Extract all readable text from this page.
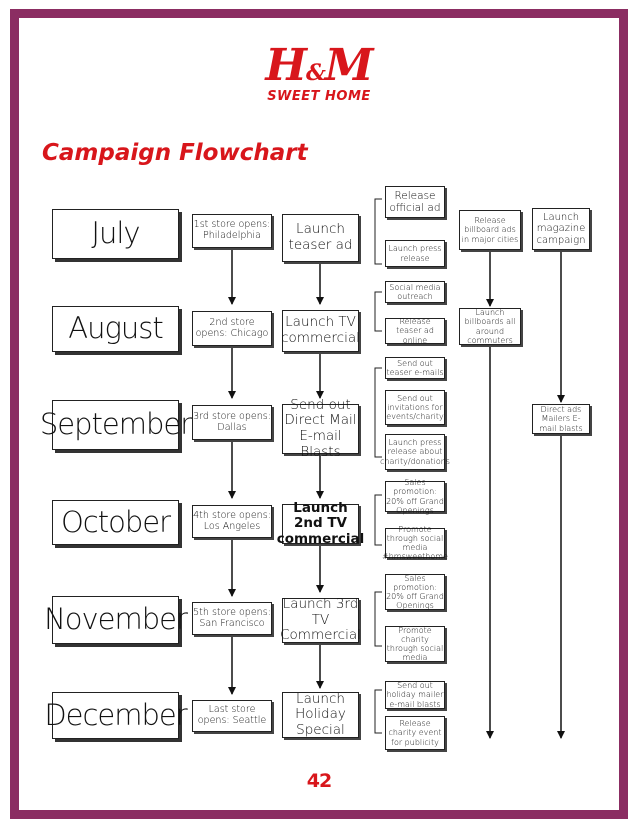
H&M
SWEET HOME
Campaign Flowchart
July
August
September
October
November
December
1st store opens: Philadelphia
2nd store opens: Chicago
3rd store opens: Dallas
4th store opens: Los Angeles
5th store opens: San Francisco
Last store opens: Seattle
Launch teaser ad
Launch TV commercial
Send out Direct Mail E-mail Blasts
Launch 2nd TV commercial
Launch 3rd TV Commercial
Launch Holiday Special
Release official ad
Launch press release
Social media outreach
Release teaser ad online
Send out teaser e-mails
Send out invitations for events/charity
Launch press release about charity/donations
Sales promotion: 20% off Grand Openings
Promote through social media #hmsweethome
Sales promotion: 20% off Grand Openings
Promote charity through social media
Send out holiday mailer e-mail blasts
Release charity event for publicity
Release billboard ads in major cities
Launch billboards all around commuters
Launch magazine campaign
Direct ads Mailers E-mail blasts
42
